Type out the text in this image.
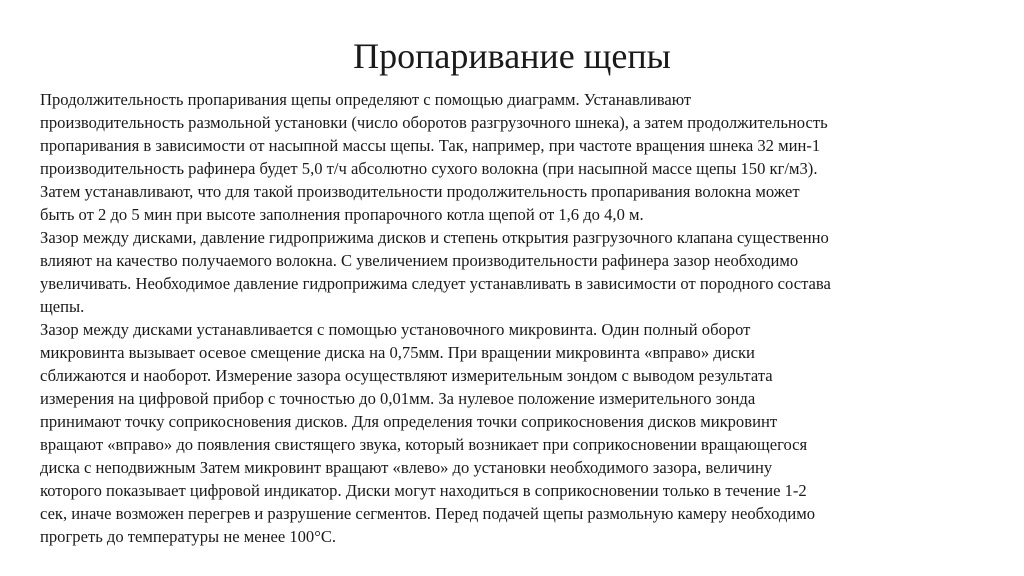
Пропаривание щепы
Продолжительность пропаривания щепы определяют с помощью диаграмм. Устанавливают
производительность размольной установки (число оборотов разгрузочного шнека), а затем продолжительность
пропаривания в зависимости от насыпной массы щепы. Так, например, при частоте вращения шнека 32 мин-1
производительность рафинера будет 5,0 т/ч абсолютно сухого волокна (при насыпной массе щепы 150 кг/м3).
Затем устанавливают, что для такой производительности продолжительность пропаривания волокна может
быть от 2 до 5 мин при высоте заполнения пропарочного котла щепой от 1,6 до 4,0 м.
Зазор между дисками, давление гидроприжима дисков и степень открытия разгрузочного клапана существенно
влияют на качество получаемого волокна. С увеличением производительности рафинера зазор необходимо
увеличивать. Необходимое давление гидроприжима следует устанавливать в зависимости от породного состава
щепы.
Зазор между дисками устанавливается с помощью установочного микровинта. Один полный оборот
микровинта вызывает осевое смещение диска на 0,75мм. При вращении микровинта «вправо» диски
сближаются и наоборот. Измерение зазора осуществляют измерительным зондом с выводом результата
измерения на цифровой прибор с точностью до 0,01мм. За нулевое положение измерительного зонда
принимают точку соприкосновения дисков. Для определения точки соприкосновения дисков микровинт
вращают «вправо» до появления свистящего звука, который возникает при соприкосновении вращающегося
диска с неподвижным Затем микровинт вращают «влево» до установки необходимого зазора, величину
которого показывает цифровой индикатор. Диски могут находиться в соприкосновении только в течение 1-2
сек, иначе возможен перегрев и разрушение сегментов. Перед подачей щепы размольную камеру необходимо
прогреть до температуры не менее 100°С.
